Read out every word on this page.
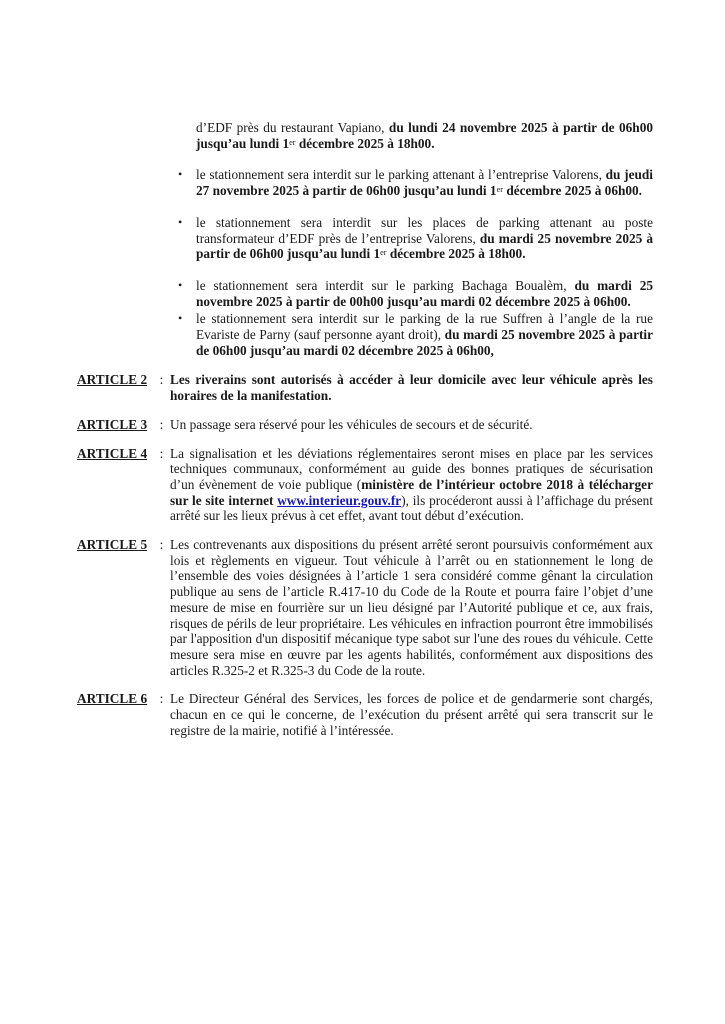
d’EDF près du restaurant Vapiano, du lundi 24 novembre 2025 à partir de 06h00 jusqu’au lundi 1er décembre 2025 à 18h00.

• le stationnement sera interdit sur le parking attenant à l’entreprise Valorens, du jeudi 27 novembre 2025 à partir de 06h00 jusqu’au lundi 1er décembre 2025 à 06h00.
• le stationnement sera interdit sur les places de parking attenant au poste transformateur d’EDF près de l’entreprise Valorens, du mardi 25 novembre 2025 à partir de 06h00 jusqu’au lundi 1er décembre 2025 à 18h00.
• le stationnement sera interdit sur le parking Bachaga Boualèm, du mardi 25 novembre 2025 à partir de 00h00 jusqu’au mardi 02 décembre 2025 à 06h00.
• le stationnement sera interdit sur le parking de la rue Suffren à l’angle de la rue Evariste de Parny (sauf personne ayant droit), du mardi 25 novembre 2025 à partir de 06h00 jusqu’au mardi 02 décembre 2025 à 06h00,
ARTICLE 2 : Les riverains sont autorisés à accéder à leur domicile avec leur véhicule après les horaires de la manifestation.
ARTICLE 3 : Un passage sera réservé pour les véhicules de secours et de sécurité.
ARTICLE 4 : La signalisation et les déviations réglementaires seront mises en place par les services techniques communaux, conformément au guide des bonnes pratiques de sécurisation d’un évènement de voie publique (ministère de l’intérieur octobre 2018 à télécharger sur le site internet www.interieur.gouv.fr), ils procéderont aussi à l’affichage du présent arrêté sur les lieux prévus à cet effet, avant tout début d’exécution.
ARTICLE 5 : Les contrevenants aux dispositions du présent arrêté seront poursuivis conformément aux lois et règlements en vigueur. Tout véhicule à l’arrêt ou en stationnement le long de l’ensemble des voies désignées à l’article 1 sera considéré comme gênant la circulation publique au sens de l’article R.417-10 du Code de la Route et pourra faire l’objet d’une mesure de mise en fourrière sur un lieu désigné par l’Autorité publique et ce, aux frais, risques de périls de leur propriétaire. Les véhicules en infraction pourront être immobilisés par l'apposition d'un dispositif mécanique type sabot sur l'une des roues du véhicule. Cette mesure sera mise en œuvre par les agents habilités, conformément aux dispositions des articles R.325-2 et R.325-3 du Code de la route.
ARTICLE 6 : Le Directeur Général des Services, les forces de police et de gendarmerie sont chargés, chacun en ce qui le concerne, de l’exécution du présent arrêté qui sera transcrit sur le registre de la mairie, notifié à l’intéressée.
